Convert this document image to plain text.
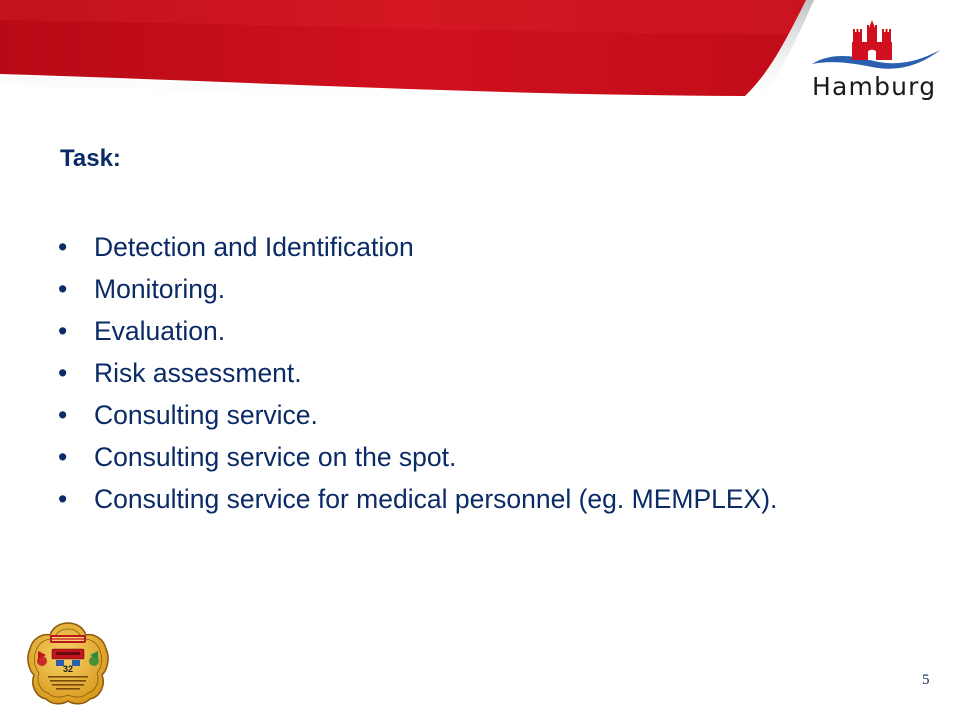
Hamburg
Task:
• Detection and Identification
• Monitoring.
• Evaluation.
• Risk assessment.
• Consulting service.
• Consulting service on the spot.
• Consulting service for medical personnel (eg. MEMPLEX).
32
5
